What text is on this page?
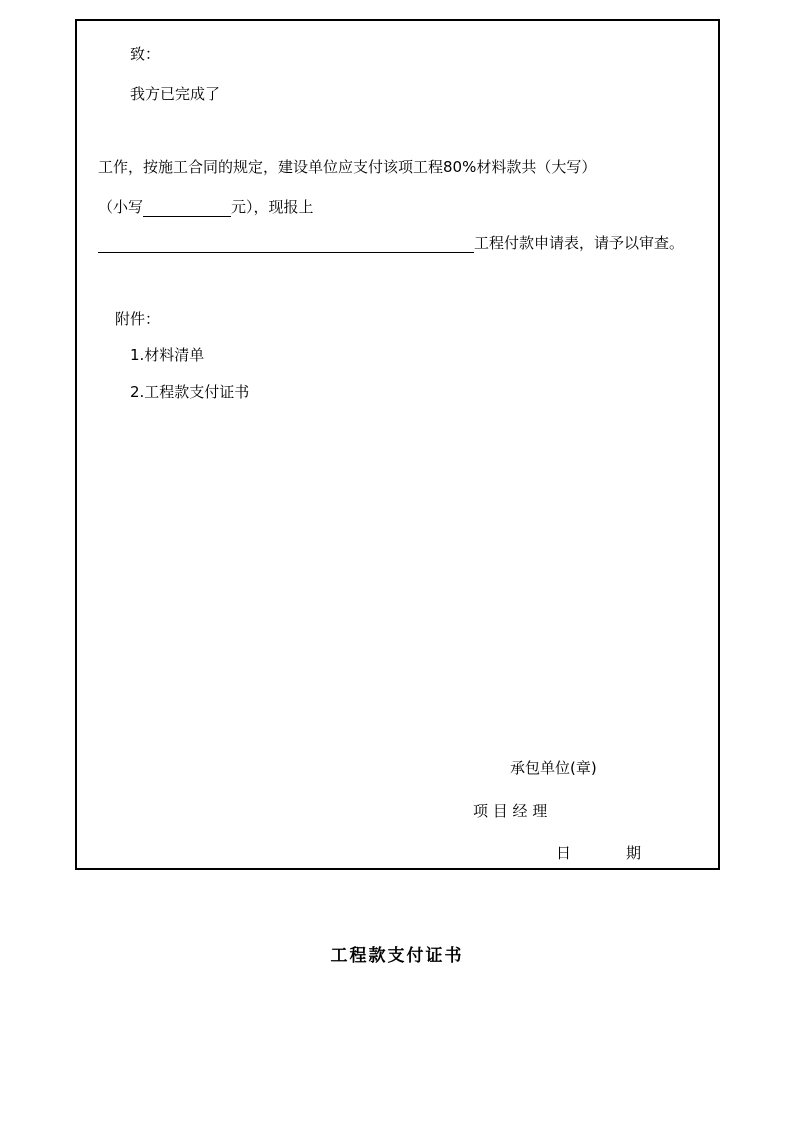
致：
我方已完成了
工作，按施工合同的规定，建设单位应支付该项工程80%材料款共（大写）
（小写	元），现报上
工程付款申请表，请予以审查。
附件：
1.材料清单
2.工程款支付证书
承包单位(章)
项 目 经 理
日	期
工程款支付证书
